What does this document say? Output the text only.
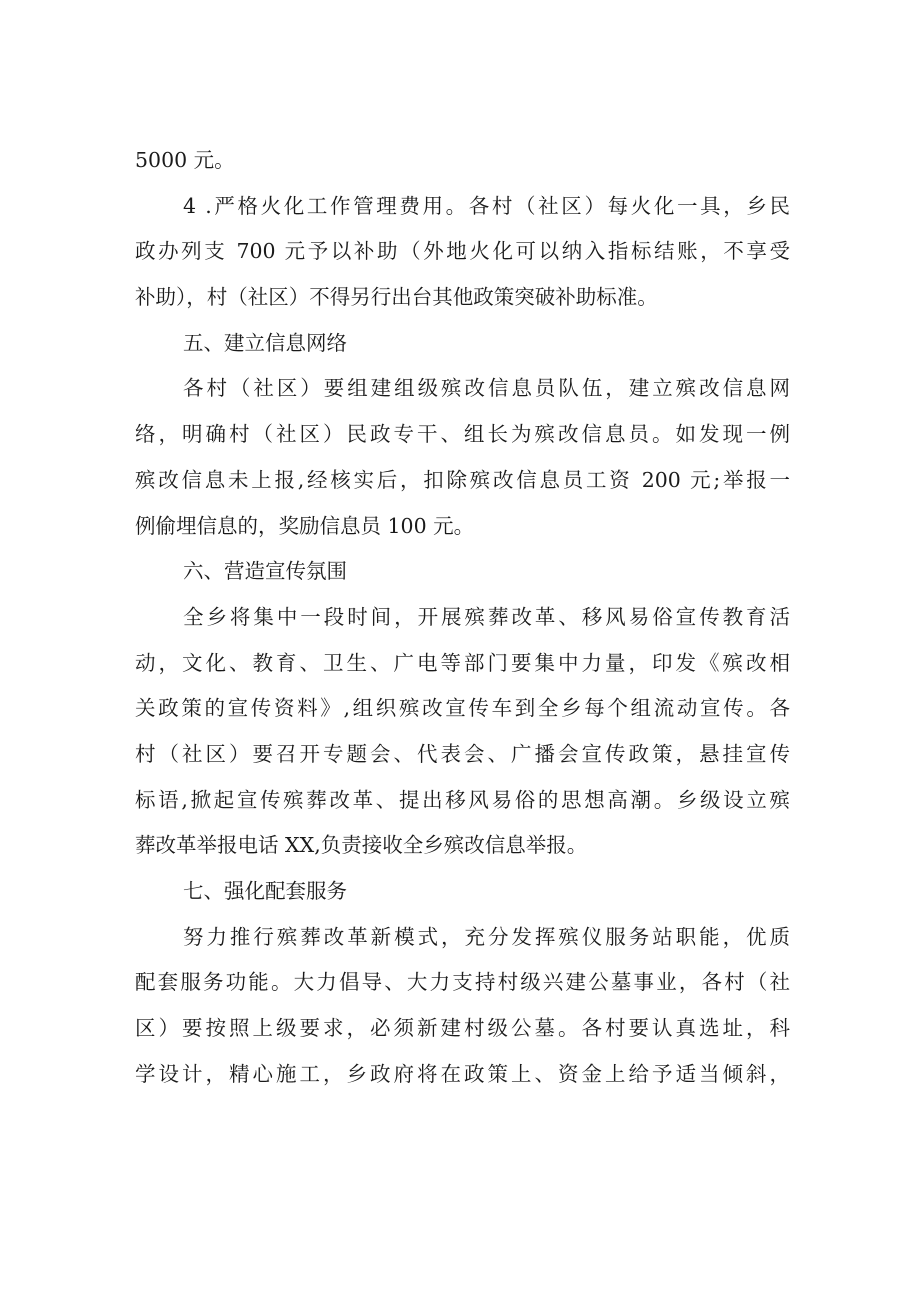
5000 元。
4 .严格火化工作管理费用。各村（社区）每火化一具，乡民
政办列支 700 元予以补助（外地火化可以纳入指标结账，不享受
补助），村（社区）不得另行出台其他政策突破补助标准。
五、建立信息网络
各村（社区）要组建组级殡改信息员队伍，建立殡改信息网
络，明确村（社区）民政专干、组长为殡改信息员。如发现一例
殡改信息未上报,经核实后，扣除殡改信息员工资 200 元;举报一
例偷埋信息的，奖励信息员 100 元。
六、营造宣传氛围
全乡将集中一段时间，开展殡葬改革、移风易俗宣传教育活
动，文化、教育、卫生、广电等部门要集中力量，印发《殡改相
关政策的宣传资料》,组织殡改宣传车到全乡每个组流动宣传。各
村（社区）要召开专题会、代表会、广播会宣传政策，悬挂宣传
标语,掀起宣传殡葬改革、提出移风易俗的思想高潮。乡级设立殡
葬改革举报电话 XX,负责接收全乡殡改信息举报。
七、强化配套服务
努力推行殡葬改革新模式，充分发挥殡仪服务站职能，优质
配套服务功能。大力倡导、大力支持村级兴建公墓事业，各村（社
区）要按照上级要求，必须新建村级公墓。各村要认真选址，科
学设计，精心施工，乡政府将在政策上、资金上给予适当倾斜，
